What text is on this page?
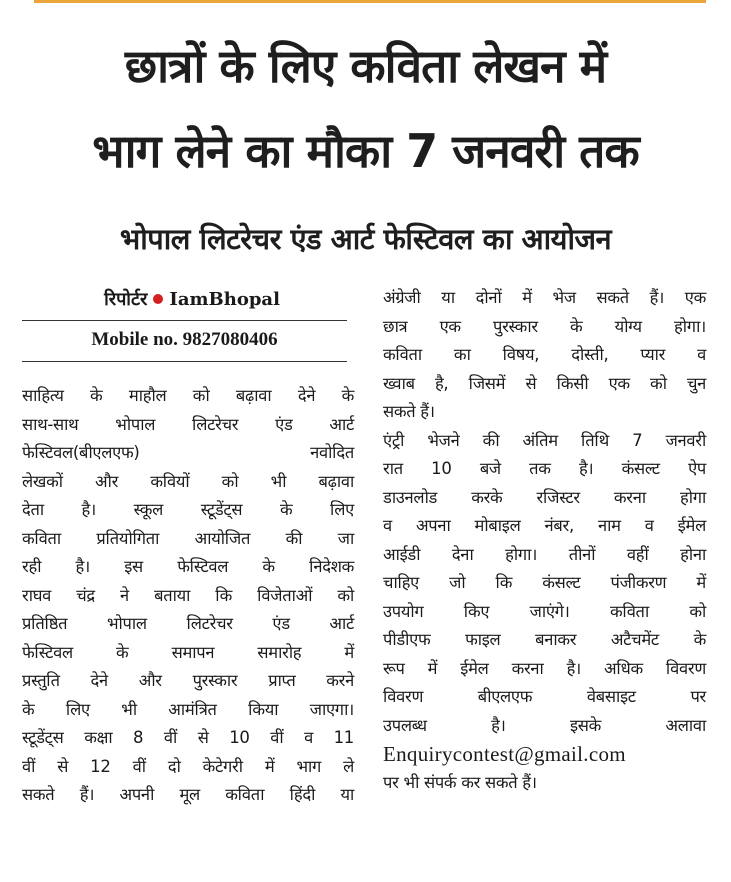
छात्रों के लिए कविता लेखन में
भाग लेने का मौका 7 जनवरी तक
भोपाल लिटरेचर एंड आर्ट फेस्टिवल का आयोजन
रिपोर्टर IamBhopal
Mobile no. 9827080406
साहित्य के माहौल को बढ़ावा देने के
साथ-साथ भोपाल लिटरेचर एंड आर्ट
फेस्टिवल(बीएलएफ) नवोदित
लेखकों और कवियों को भी बढ़ावा
देता है। स्कूल स्टूडेंट्स के लिए
कविता प्रतियोगिता आयोजित की जा
रही है। इस फेस्टिवल के निदेशक
राघव चंद्र ने बताया कि विजेताओं को
प्रतिष्ठित भोपाल लिटरेचर एंड आर्ट
फेस्टिवल के समापन समारोह में
प्रस्तुति देने और पुरस्कार प्राप्त करने
के लिए भी आमंत्रित किया जाएगा।
स्टूडेंट्स कक्षा 8 वीं से 10 वीं व 11
वीं से 12 वीं दो केटेगरी में भाग ले
सकते हैं। अपनी मूल कविता हिंदी या
अंग्रेजी या दोनों में भेज सकते हैं। एक
छात्र एक पुरस्कार के योग्य होगा।
कविता का विषय, दोस्ती, प्यार व
ख्वाब है, जिसमें से किसी एक को चुन
सकते हैं।
एंट्री भेजने की अंतिम तिथि 7 जनवरी
रात 10 बजे तक है। कंसल्ट ऐप
डाउनलोड करके रजिस्टर करना होगा
व अपना मोबाइल नंबर, नाम व ईमेल
आईडी देना होगा। तीनों वहीं होना
चाहिए जो कि कंसल्ट पंजीकरण में
उपयोग किए जाएंगे। कविता को
पीडीएफ फाइल बनाकर अटैचमेंट के
रूप में ईमेल करना है। अधिक विवरण
विवरण बीएलएफ वेबसाइट पर
उपलब्ध है। इसके अलावा
Enquirycontest@gmail.com
पर भी संपर्क कर सकते हैं।
